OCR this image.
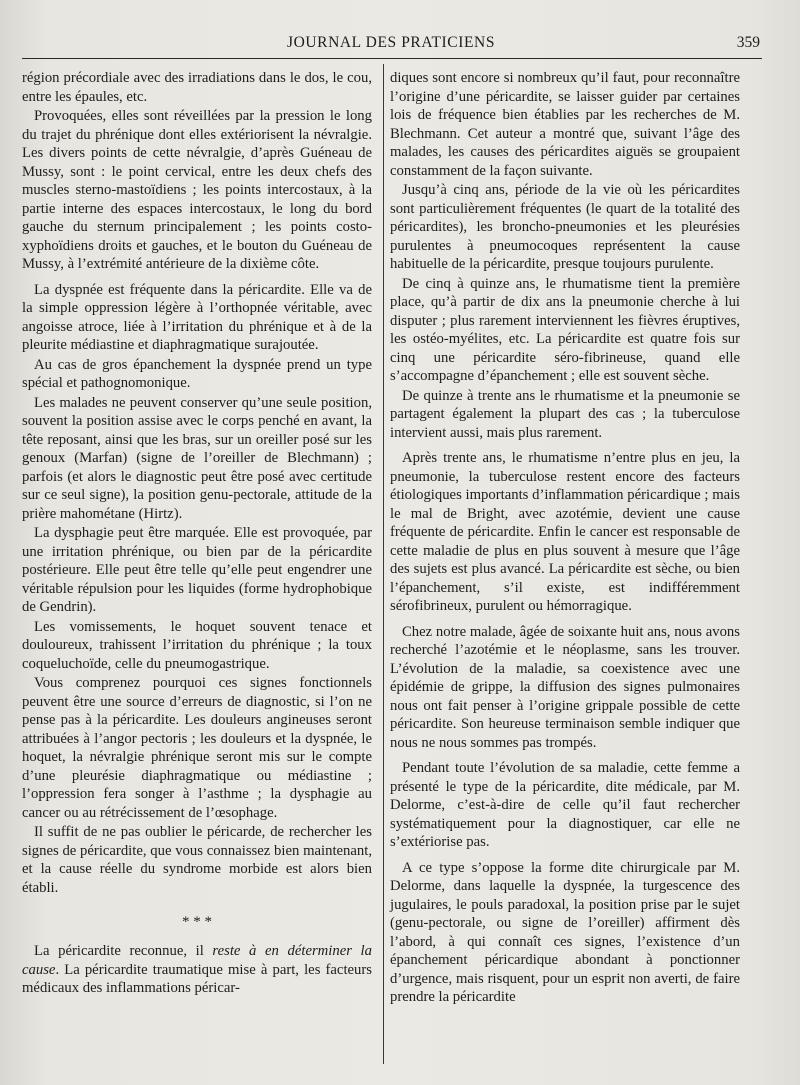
JOURNAL DES PRATICIENS	359

région précordiale avec des irradiations dans le dos, le cou, entre les épaules, etc.

Provoquées, elles sont réveillées par la pression le long du trajet du phrénique dont elles extériorisent la névralgie. Les divers points de cette névralgie, d’après Guéneau de Mussy, sont : le point cervical, entre les deux chefs des muscles sterno-mastoïdiens ; les points intercostaux, à la partie interne des espaces intercostaux, le long du bord gauche du sternum principalement ; les points costo-xyphoïdiens droits et gauches, et le bouton du Guéneau de Mussy, à l’extrémité antérieure de la dixième côte.

La dyspnée est fréquente dans la péricardite. Elle va de la simple oppression légère à l’orthopnée véritable, avec angoisse atroce, liée à l’irritation du phrénique et à de la pleurite médiastine et diaphragmatique surajoutée.

Au cas de gros épanchement la dyspnée prend un type spécial et pathognomonique.

Les malades ne peuvent conserver qu’une seule position, souvent la position assise avec le corps penché en avant, la tête reposant, ainsi que les bras, sur un oreiller posé sur les genoux (Marfan) (signe de l’oreiller de Blechmann) ; parfois (et alors le diagnostic peut être posé avec certitude sur ce seul signe), la position genu-pectorale, attitude de la prière mahométane (Hirtz).

La dysphagie peut être marquée. Elle est provoquée, par une irritation phrénique, ou bien par de la péricardite postérieure. Elle peut être telle qu’elle peut engendrer une véritable répulsion pour les liquides (forme hydrophobique de Gendrin).

Les vomissements, le hoquet souvent tenace et douloureux, trahissent l’irritation du phrénique ; la toux coqueluchoïde, celle du pneumogastrique.

Vous comprenez pourquoi ces signes fonctionnels peuvent être une source d’erreurs de diagnostic, si l’on ne pense pas à la péricardite. Les douleurs angineuses seront attribuées à l’angor pectoris ; les douleurs et la dyspnée, le hoquet, la névralgie phrénique seront mis sur le compte d’une pleurésie diaphragmatique ou médiastine ; l’oppression fera songer à l’asthme ; la dysphagie au cancer ou au rétrécissement de l’œsophage.

Il suffit de ne pas oublier le péricarde, de rechercher les signes de péricardite, que vous connaissez bien maintenant, et la cause réelle du syndrome morbide est alors bien établi.

* * *

La péricardite reconnue, il reste à en déterminer la cause. La péricardite traumatique mise à part, les facteurs médicaux des inflammations péricar-

diques sont encore si nombreux qu’il faut, pour reconnaître l’origine d’une péricardite, se laisser guider par certaines lois de fréquence bien établies par les recherches de M. Blechmann. Cet auteur a montré que, suivant l’âge des malades, les causes des péricardites aiguës se groupaient constamment de la façon suivante.

Jusqu’à cinq ans, période de la vie où les péricardites sont particulièrement fréquentes (le quart de la totalité des péricardites), les broncho-pneumonies et les pleurésies purulentes à pneumocoques représentent la cause habituelle de la péricardite, presque toujours purulente.

De cinq à quinze ans, le rhumatisme tient la première place, qu’à partir de dix ans la pneumonie cherche à lui disputer ; plus rarement interviennent les fièvres éruptives, les ostéo-myélites, etc. La péricardite est quatre fois sur cinq une péricardite séro-fibrineuse, quand elle s’accompagne d’épanchement ; elle est souvent sèche.

De quinze à trente ans le rhumatisme et la pneumonie se partagent également la plupart des cas ; la tuberculose intervient aussi, mais plus rarement.

Après trente ans, le rhumatisme n’entre plus en jeu, la pneumonie, la tuberculose restent encore des facteurs étiologiques importants d’inflammation péricardique ; mais le mal de Bright, avec azotémie, devient une cause fréquente de péricardite. Enfin le cancer est responsable de cette maladie de plus en plus souvent à mesure que l’âge des sujets est plus avancé. La péricardite est sèche, ou bien l’épanchement, s’il existe, est indifféremment sérofibrineux, purulent ou hémorragique.

Chez notre malade, âgée de soixante huit ans, nous avons recherché l’azotémie et le néoplasme, sans les trouver. L’évolution de la maladie, sa coexistence avec une épidémie de grippe, la diffusion des signes pulmonaires nous ont fait penser à l’origine grippale possible de cette péricardite. Son heureuse terminaison semble indiquer que nous ne nous sommes pas trompés.

Pendant toute l’évolution de sa maladie, cette femme a présenté le type de la péricardite, dite médicale, par M. Delorme, c’est-à-dire de celle qu’il faut rechercher systématiquement pour la diagnostiquer, car elle ne s’extériorise pas.

A ce type s’oppose la forme dite chirurgicale par M. Delorme, dans laquelle la dyspnée, la turgescence des jugulaires, le pouls paradoxal, la position prise par le sujet (genu-pectorale, ou signe de l’oreiller) affirment dès l’abord, à qui connaît ces signes, l’existence d’un épanchement péricardique abondant à ponctionner d’urgence, mais risquent, pour un esprit non averti, de faire prendre la péricardite
